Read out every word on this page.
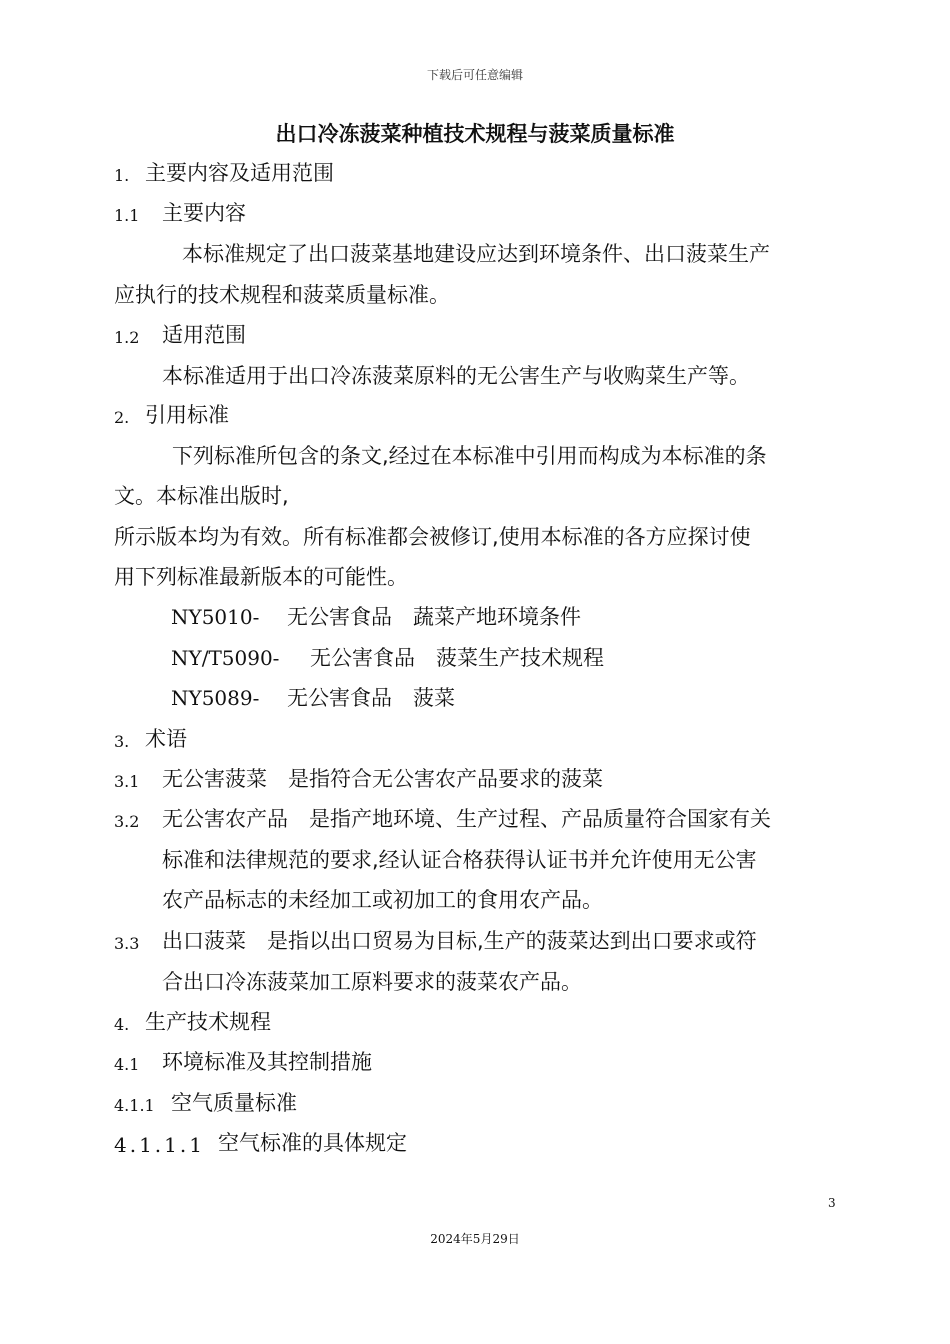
下载后可任意编辑
出口冷冻菠菜种植技术规程与菠菜质量标准
1. 主要内容及适用范围
1.1 主要内容
本标准规定了出口菠菜基地建设应达到环境条件、出口菠菜生产
应执行的技术规程和菠菜质量标准。
1.2 适用范围
本标准适用于出口冷冻菠菜原料的无公害生产与收购菜生产等。
2. 引用标准
下列标准所包含的条文,经过在本标准中引用而构成为本标准的条
文。本标准出版时,
所示版本均为有效。所有标准都会被修订,使用本标准的各方应探讨使
用下列标准最新版本的可能性。
NY5010- 无公害食品　蔬菜产地环境条件
NY/T5090- 无公害食品　菠菜生产技术规程
NY5089- 无公害食品　菠菜
3. 术语
3.1 无公害菠菜　是指符合无公害农产品要求的菠菜
3.2 无公害农产品　是指产地环境、生产过程、产品质量符合国家有关
标准和法律规范的要求,经认证合格获得认证书并允许使用无公害
农产品标志的未经加工或初加工的食用农产品。
3.3 出口菠菜　是指以出口贸易为目标,生产的菠菜达到出口要求或符
合出口冷冻菠菜加工原料要求的菠菜农产品。
4. 生产技术规程
4.1 环境标准及其控制措施
4.1.1 空气质量标准
4.1.1.1 空气标准的具体规定
3
2024年5月29日
